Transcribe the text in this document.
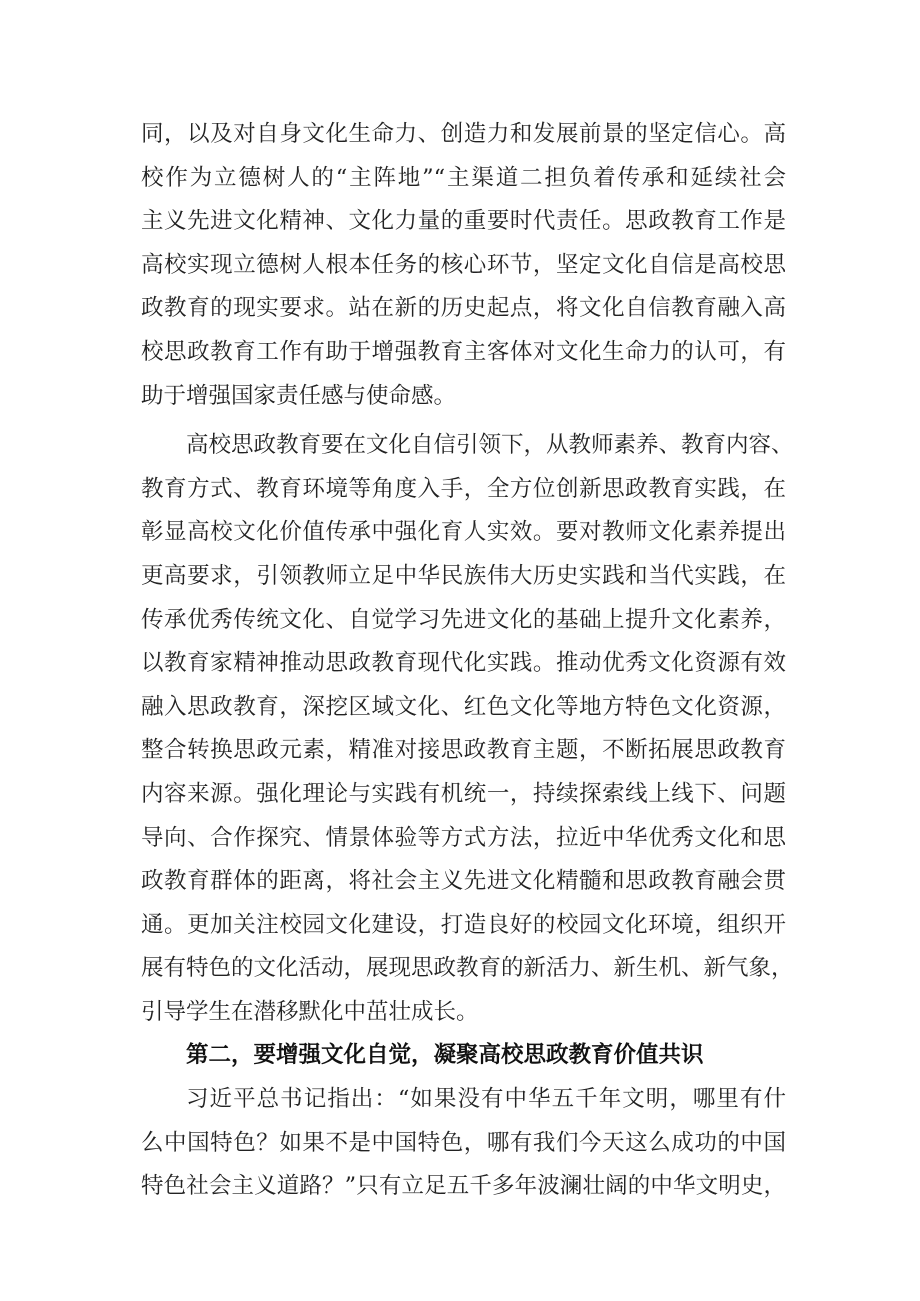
同，以及对自身文化生命力、创造力和发展前景的坚定信心。高
校作为立德树人的“主阵地”“主渠道二担负着传承和延续社会
主义先进文化精神、文化力量的重要时代责任。思政教育工作是
高校实现立德树人根本任务的核心环节，坚定文化自信是高校思
政教育的现实要求。站在新的历史起点，将文化自信教育融入高
校思政教育工作有助于增强教育主客体对文化生命力的认可，有
助于增强国家责任感与使命感。
高校思政教育要在文化自信引领下，从教师素养、教育内容、
教育方式、教育环境等角度入手，全方位创新思政教育实践，在
彰显高校文化价值传承中强化育人实效。要对教师文化素养提出
更高要求，引领教师立足中华民族伟大历史实践和当代实践，在
传承优秀传统文化、自觉学习先进文化的基础上提升文化素养，
以教育家精神推动思政教育现代化实践。推动优秀文化资源有效
融入思政教育，深挖区域文化、红色文化等地方特色文化资源，
整合转换思政元素，精准对接思政教育主题，不断拓展思政教育
内容来源。强化理论与实践有机统一，持续探索线上线下、问题
导向、合作探究、情景体验等方式方法，拉近中华优秀文化和思
政教育群体的距离，将社会主义先进文化精髓和思政教育融会贯
通。更加关注校园文化建设，打造良好的校园文化环境，组织开
展有特色的文化活动，展现思政教育的新活力、新生机、新气象，
引导学生在潜移默化中茁壮成长。
第二，要增强文化自觉，凝聚高校思政教育价值共识
习近平总书记指出：“如果没有中华五千年文明，哪里有什
么中国特色？如果不是中国特色，哪有我们今天这么成功的中国
特色社会主义道路？”只有立足五千多年波澜壮阔的中华文明史，
